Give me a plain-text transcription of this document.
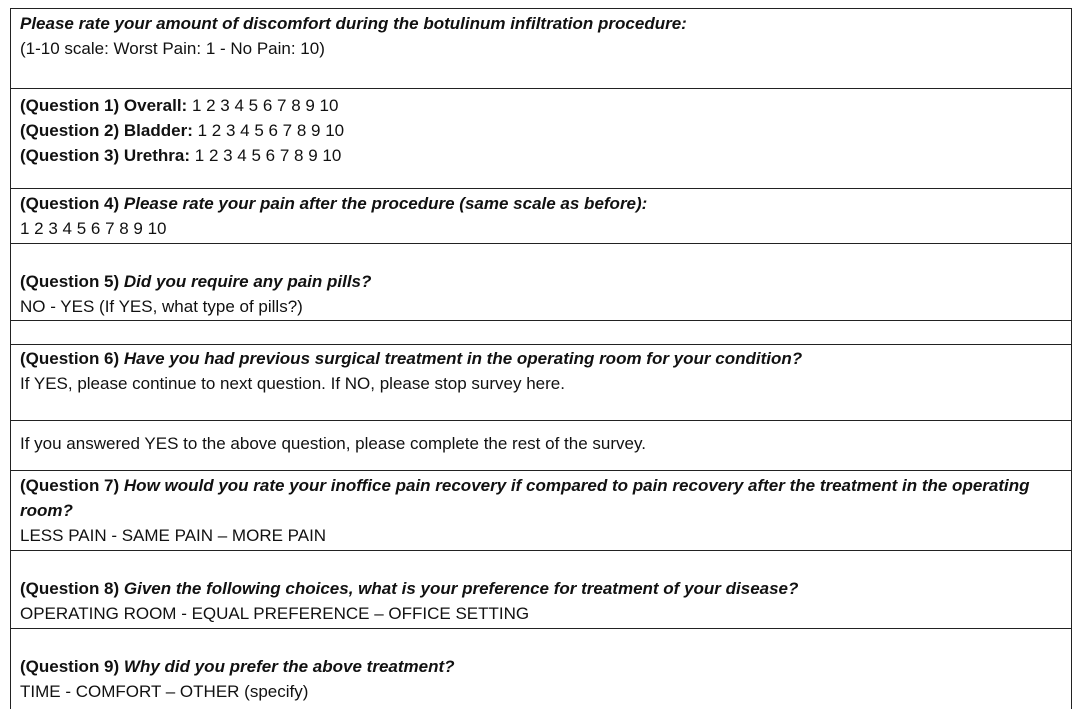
Please rate your amount of discomfort during the botulinum infiltration procedure:
(1-10 scale: Worst Pain: 1 - No Pain: 10)
(Question 1) Overall: 1 2 3 4 5 6 7 8 9 10
(Question 2) Bladder: 1 2 3 4 5 6 7 8 9 10
(Question 3) Urethra: 1 2 3 4 5 6 7 8 9 10
(Question 4) Please rate your pain after the procedure (same scale as before):
1 2 3 4 5 6 7 8 9 10
(Question 5) Did you require any pain pills?
NO - YES (If YES, what type of pills?)
(Question 6) Have you had previous surgical treatment in the operating room for your condition?
If YES, please continue to next question. If NO, please stop survey here.
If you answered YES to the above question, please complete the rest of the survey.
(Question 7) How would you rate your inoffice pain recovery if compared to pain recovery after the treatment in the operating room?
LESS PAIN - SAME PAIN – MORE PAIN
(Question 8) Given the following choices, what is your preference for treatment of your disease?
OPERATING ROOM - EQUAL PREFERENCE – OFFICE SETTING
(Question 9) Why did you prefer the above treatment?
TIME - COMFORT – OTHER (specify)
